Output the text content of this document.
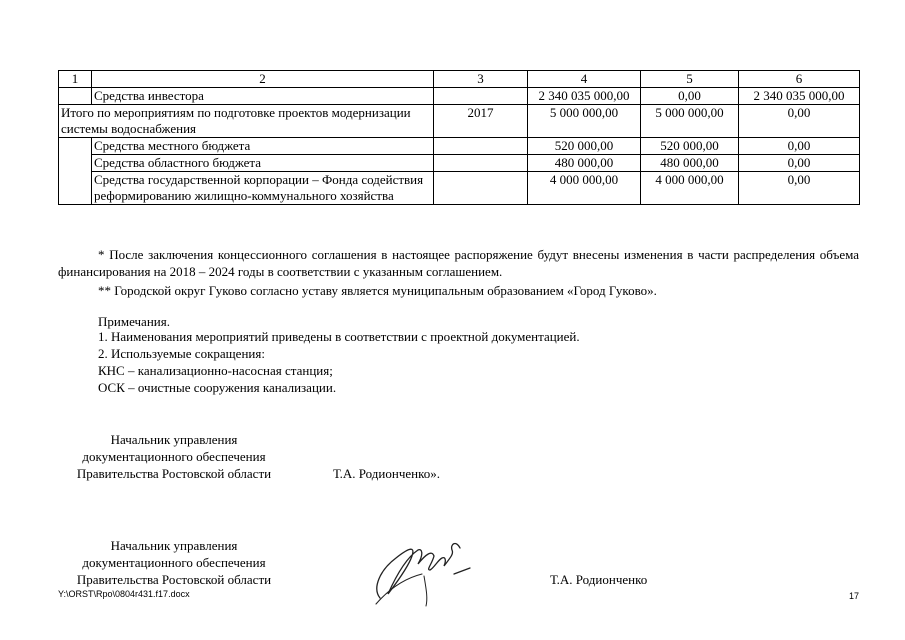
1	2	3	4	5	6
	Средства инвестора		2 340 035 000,00	0,00	2 340 035 000,00
Итого по мероприятиям по подготовке проектов модернизации системы водоснабжения		2017	5 000 000,00	5 000 000,00	0,00
	Средства местного бюджета		520 000,00	520 000,00	0,00
	Средства областного бюджета		480 000,00	480 000,00	0,00
	Средства государственной корпорации – Фонда содействия реформированию жилищно-коммунального хозяйства		4 000 000,00	4 000 000,00	0,00
* После заключения концессионного соглашения в настоящее распоряжение будут внесены изменения в части распределения объема финансирования на 2018 – 2024 годы в соответствии с указанным соглашением.
** Городской округ Гуково согласно уставу является муниципальным образованием «Город Гуково».
Примечания.
1. Наименования мероприятий приведены в соответствии с проектной документацией.
2. Используемые сокращения:
КНС – канализационно-насосная станция;
ОСК – очистные сооружения канализации.
Начальник управления
документационного обеспечения
Правительства Ростовской области	Т.А. Родионченко».
Начальник управления
документационного обеспечения
Правительства Ростовской области	Т.А. Родионченко
Y:\ORST\Rpo\0804r431.f17.docx	17
